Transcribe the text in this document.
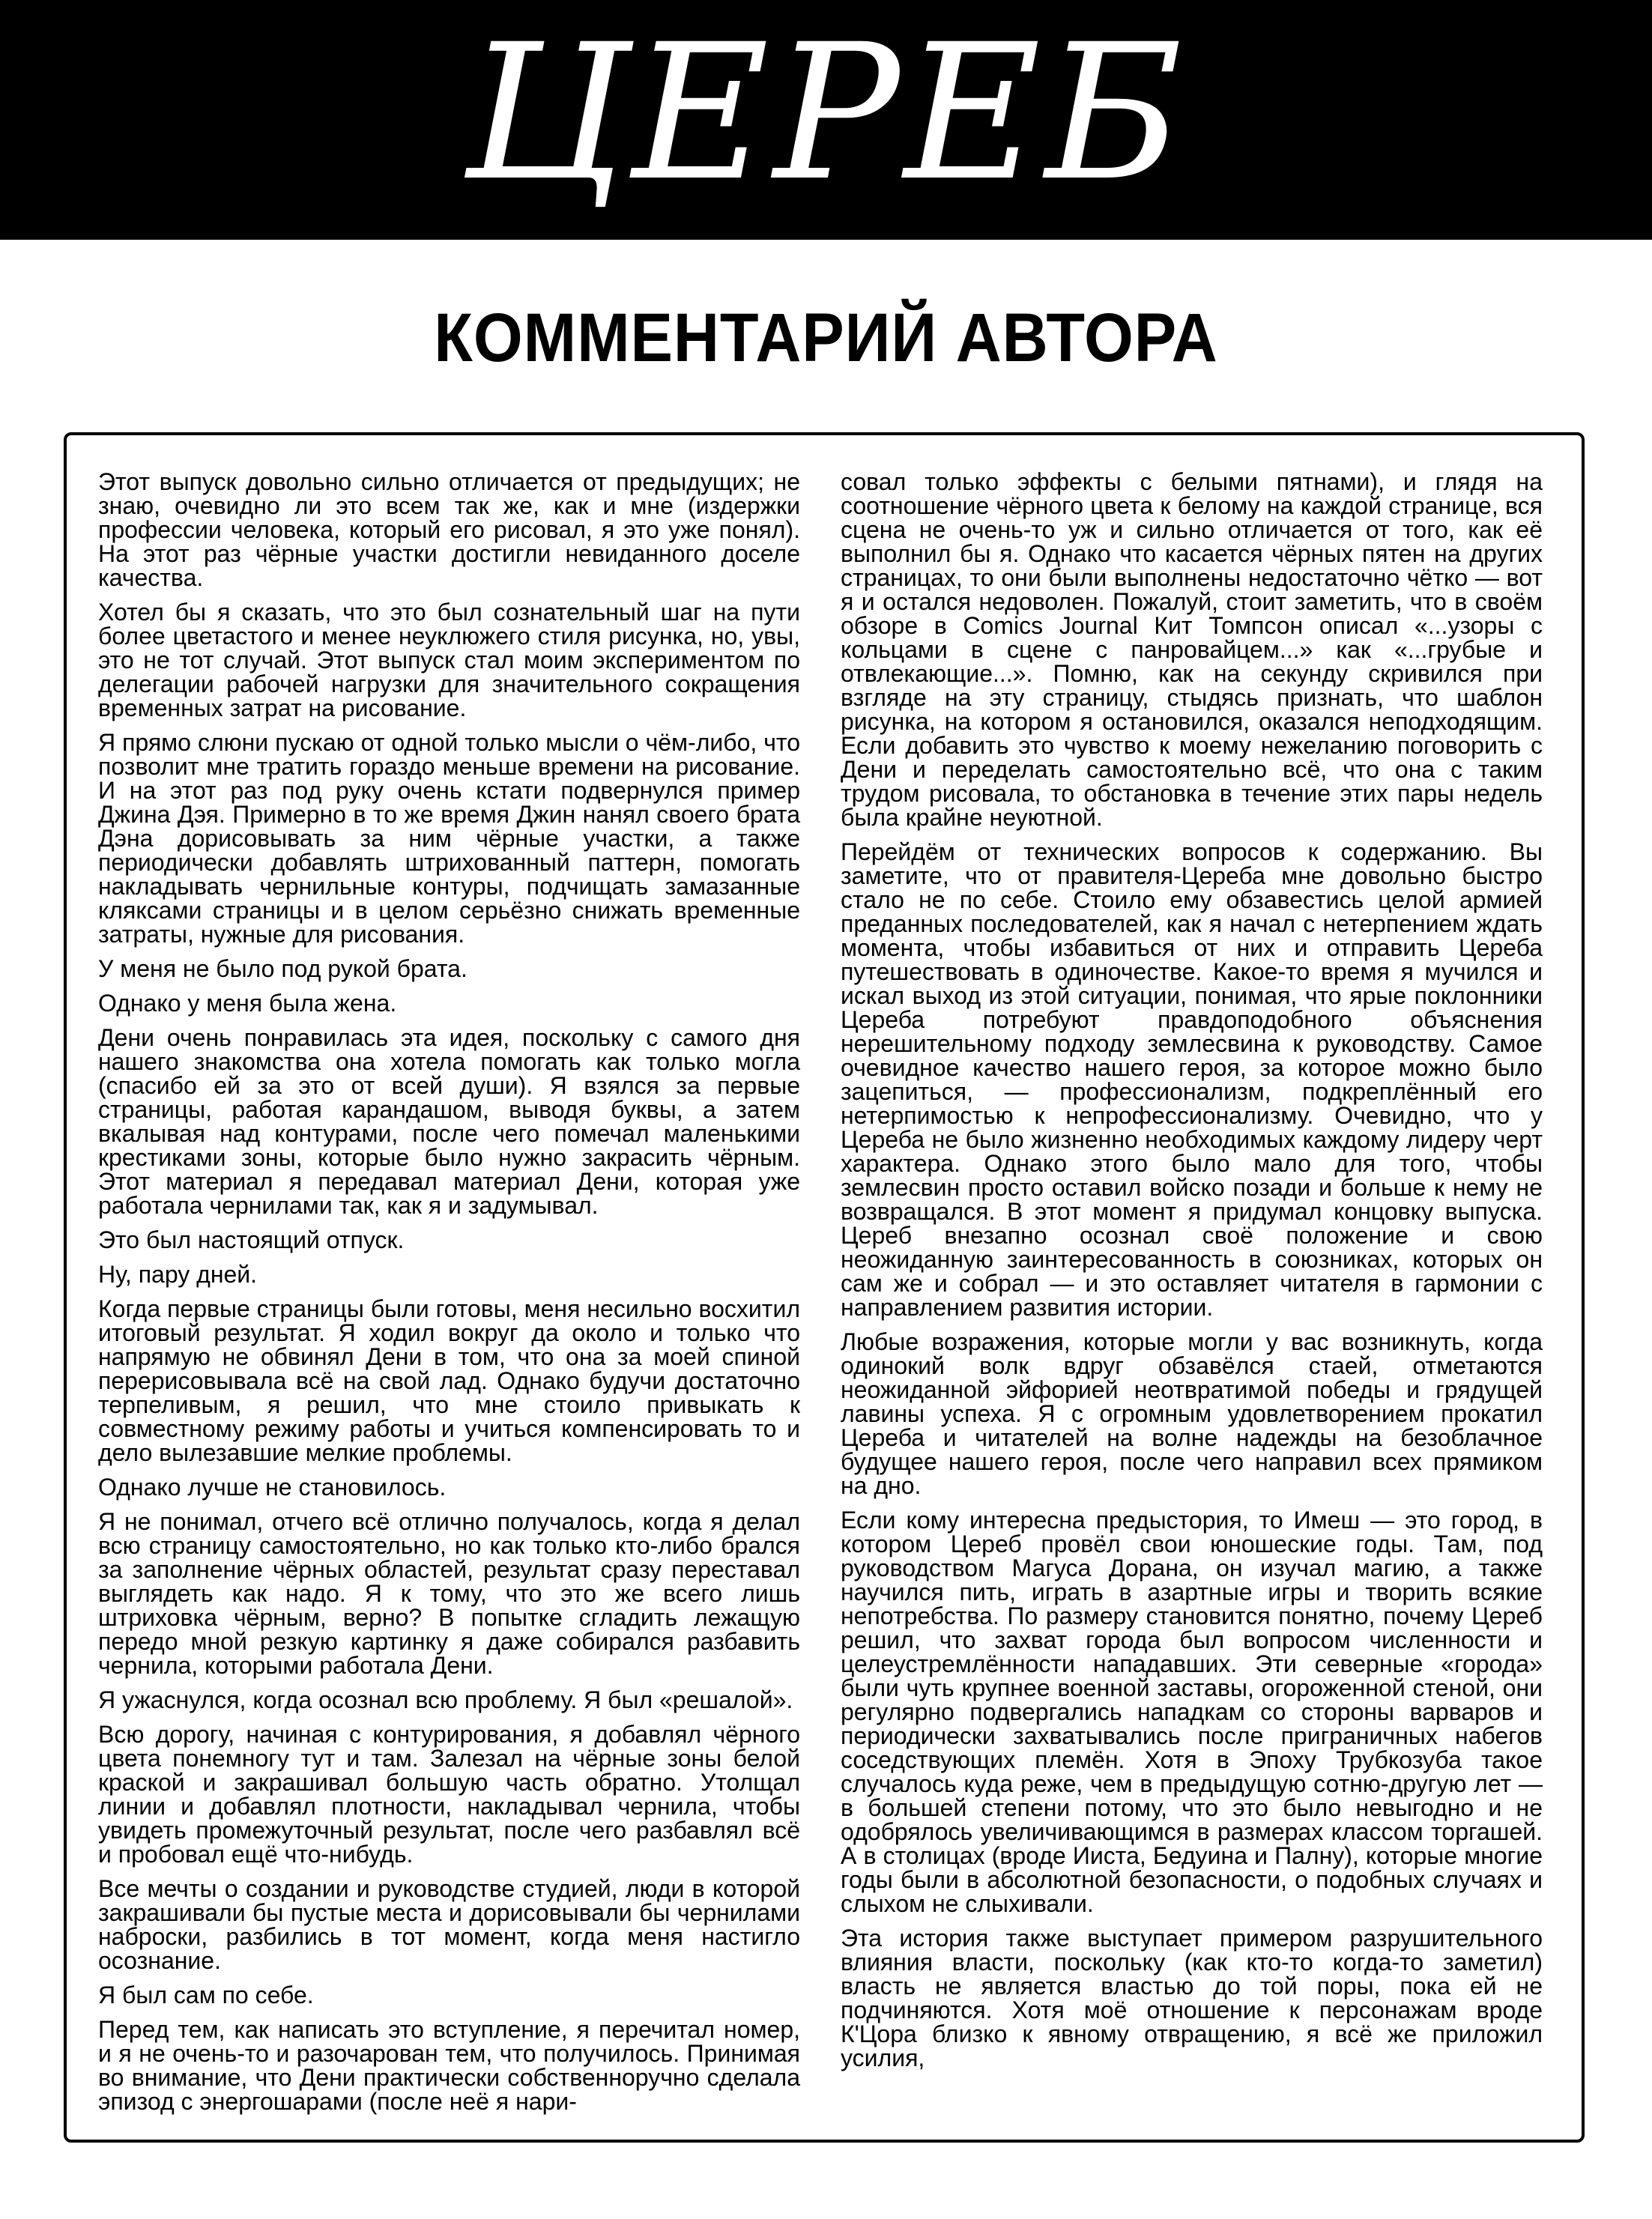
ЦЕРЕБ
КОММЕНТАРИЙ АВТОРА

Этот выпуск довольно сильно отличается от предыдущих; не знаю, очевидно ли это всем так же, как и мне (издержки профессии человека, который его рисовал, я это уже понял). На этот раз чёрные участки достигли невиданного доселе качества.

Хотел бы я сказать, что это был сознательный шаг на пути более цветастого и менее неуклюжего стиля рисунка, но, увы, это не тот случай. Этот выпуск стал моим экспериментом по делегации рабочей нагрузки для значительного сокращения временных затрат на рисование.

Я прямо слюни пускаю от одной только мысли о чём-либо, что позволит мне тратить гораздо меньше времени на рисование. И на этот раз под руку очень кстати подвернулся пример Джина Дэя. Примерно в то же время Джин нанял своего брата Дэна дорисовывать за ним чёрные участки, а также периодически добавлять штрихованный паттерн, помогать накладывать чернильные контуры, подчищать замазанные кляксами страницы и в целом серьёзно снижать временные затраты, нужные для рисования.

У меня не было под рукой брата.

Однако у меня была жена.

Дени очень понравилась эта идея, поскольку с самого дня нашего знакомства она хотела помогать как только могла (спасибо ей за это от всей души). Я взялся за первые страницы, работая карандашом, выводя буквы, а затем вкалывая над контурами, после чего помечал маленькими крестиками зоны, которые было нужно закрасить чёрным. Этот материал я передавал материал Дени, которая уже работала чернилами так, как я и задумывал.

Это был настоящий отпуск.

Ну, пару дней.

Когда первые страницы были готовы, меня несильно восхитил итоговый результат. Я ходил вокруг да около и только что напрямую не обвинял Дени в том, что она за моей спиной перерисовывала всё на свой лад. Однако будучи достаточно терпеливым, я решил, что мне стоило привыкать к совместному режиму работы и учиться компенсировать то и дело вылезавшие мелкие проблемы.

Однако лучше не становилось.

Я не понимал, отчего всё отлично получалось, когда я делал всю страницу самостоятельно, но как только кто-либо брался за заполнение чёрных областей, результат сразу переставал выглядеть как надо. Я к тому, что это же всего лишь штриховка чёрным, верно? В попытке сгладить лежащую передо мной резкую картинку я даже собирался разбавить чернила, которыми работала Дени.

Я ужаснулся, когда осознал всю проблему. Я был «решалой».

Всю дорогу, начиная с контурирования, я добавлял чёрного цвета понемногу тут и там. Залезал на чёрные зоны белой краской и закрашивал большую часть обратно. Утолщал линии и добавлял плотности, накладывал чернила, чтобы увидеть промежуточный результат, после чего разбавлял всё и пробовал ещё что-нибудь.

Все мечты о создании и руководстве студией, люди в которой закрашивали бы пустые места и дорисовывали бы чернилами наброски, разбились в тот момент, когда меня настигло осознание.

Я был сам по себе.

Перед тем, как написать это вступление, я перечитал номер, и я не очень-то и разочарован тем, что получилось. Принимая во внимание, что Дени практически собственноручно сделала эпизод с энергошарами (после неё я нари-

совал только эффекты с белыми пятнами), и глядя на соотношение чёрного цвета к белому на каждой странице, вся сцена не очень-то уж и сильно отличается от того, как её выполнил бы я. Однако что касается чёрных пятен на других страницах, то они были выполнены недостаточно чётко — вот я и остался недоволен. Пожалуй, стоит заметить, что в своём обзоре в Comics Journal Кит Томпсон описал «...узоры с кольцами в сцене с панровайцем...» как «...грубые и отвлекающие...». Помню, как на секунду скривился при взгляде на эту страницу, стыдясь признать, что шаблон рисунка, на котором я остановился, оказался неподходящим. Если добавить это чувство к моему нежеланию поговорить с Дени и переделать самостоятельно всё, что она с таким трудом рисовала, то обстановка в течение этих пары недель была крайне неуютной.

Перейдём от технических вопросов к содержанию. Вы заметите, что от правителя-Цереба мне довольно быстро стало не по себе. Стоило ему обзавестись целой армией преданных последователей, как я начал с нетерпением ждать момента, чтобы избавиться от них и отправить Цереба путешествовать в одиночестве. Какое-то время я мучился и искал выход из этой ситуации, понимая, что ярые поклонники Цереба потребуют правдоподобного объяснения нерешительному подходу землесвина к руководству. Самое очевидное качество нашего героя, за которое можно было зацепиться, — профессионализм, подкреплённый его нетерпимостью к непрофессионализму. Очевидно, что у Цереба не было жизненно необходимых каждому лидеру черт характера. Однако этого было мало для того, чтобы землесвин просто оставил войско позади и больше к нему не возвращался. В этот момент я придумал концовку выпуска. Цереб внезапно осознал своё положение и свою неожиданную заинтересованность в союзниках, которых он сам же и собрал — и это оставляет читателя в гармонии с направлением развития истории.

Любые возражения, которые могли у вас возникнуть, когда одинокий волк вдруг обзавёлся стаей, отметаются неожиданной эйфорией неотвратимой победы и грядущей лавины успеха. Я с огромным удовлетворением прокатил Цереба и читателей на волне надежды на безоблачное будущее нашего героя, после чего направил всех прямиком на дно.

Если кому интересна предыстория, то Имеш — это город, в котором Цереб провёл свои юношеские годы. Там, под руководством Магуса Дорана, он изучал магию, а также научился пить, играть в азартные игры и творить всякие непотребства. По размеру становится понятно, почему Цереб решил, что захват города был вопросом численности и целеустремлённости нападавших. Эти северные «города» были чуть крупнее военной заставы, огороженной стеной, они регулярно подвергались нападкам со стороны варваров и периодически захватывались после приграничных набегов соседствующих племён. Хотя в Эпоху Трубкозуба такое случалось куда реже, чем в предыдущую сотню-другую лет — в большей степени потому, что это было невыгодно и не одобрялось увеличивающимся в размерах классом торгашей. А в столицах (вроде Ииста, Бедуина и Палну), которые многие годы были в абсолютной безопасности, о подобных случаях и слыхом не слыхивали.

Эта история также выступает примером разрушительного влияния власти, поскольку (как кто-то когда-то заметил) власть не является властью до той поры, пока ей не подчиняются. Хотя моё отношение к персонажам вроде К'Цора близко к явному отвращению, я всё же приложил усилия,
